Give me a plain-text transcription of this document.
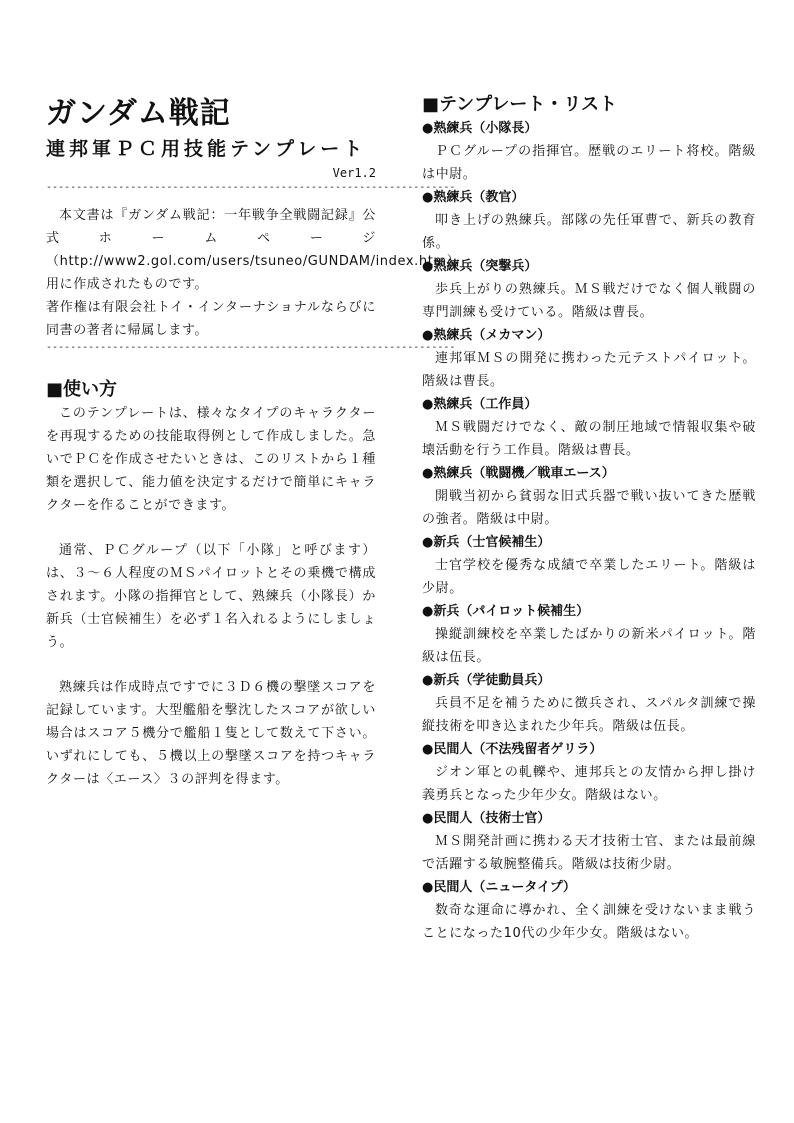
ガンダム戦記
連邦軍ＰＣ用技能テンプレート
Ver1.2
--------------------------------------------------------------------

本文書は『ガンダム戦記：一年戦争全戦闘記録』公式ホームページ（http://www2.gol.com/users/tsuneo/GUNDAM/index.htm）用に作成されたものです。

著作権は有限会社トイ・インターナショナルならびに同書の著者に帰属します。

--------------------------------------------------------------------
■使い方

このテンプレートは、様々なタイプのキャラクターを再現するための技能取得例として作成しました。急いでＰＣを作成させたいときは、このリストから１種類を選択して、能力値を決定するだけで簡単にキャラクターを作ることができます。

通常、ＰＣグループ（以下「小隊」と呼びます）は、３～６人程度のＭＳパイロットとその乗機で構成されます。小隊の指揮官として、熟練兵（小隊長）か新兵（士官候補生）を必ず１名入れるようにしましょう。

熟練兵は作成時点ですでに３Ｄ６機の撃墜スコアを記録しています。大型艦船を撃沈したスコアが欲しい場合はスコア５機分で艦船１隻として数えて下さい。いずれにしても、５機以上の撃墜スコアを持つキャラクターは〈エース〉３の評判を得ます。

■テンプレート・リスト

●熟練兵（小隊長）

ＰＣグループの指揮官。歴戦のエリート将校。階級は中尉。

●熟練兵（教官）

叩き上げの熟練兵。部隊の先任軍曹で、新兵の教育係。

●熟練兵（突撃兵）

歩兵上がりの熟練兵。ＭＳ戦だけでなく個人戦闘の専門訓練も受けている。階級は曹長。

●熟練兵（メカマン）

連邦軍ＭＳの開発に携わった元テストパイロット。階級は曹長。

●熟練兵（工作員）

ＭＳ戦闘だけでなく、敵の制圧地域で情報収集や破壊活動を行う工作員。階級は曹長。

●熟練兵（戦闘機／戦車エース）

開戦当初から貧弱な旧式兵器で戦い抜いてきた歴戦の強者。階級は中尉。

●新兵（士官候補生）

士官学校を優秀な成績で卒業したエリート。階級は少尉。

●新兵（パイロット候補生）

操縦訓練校を卒業したばかりの新米パイロット。階級は伍長。

●新兵（学徒動員兵）

兵員不足を補うために徴兵され、スパルタ訓練で操縦技術を叩き込まれた少年兵。階級は伍長。

●民間人（不法残留者ゲリラ）

ジオン軍との軋轢や、連邦兵との友情から押し掛け義勇兵となった少年少女。階級はない。

●民間人（技術士官）

ＭＳ開発計画に携わる天才技術士官、または最前線で活躍する敏腕整備兵。階級は技術少尉。

●民間人（ニュータイプ）

数奇な運命に導かれ、全く訓練を受けないまま戦うことになった10代の少年少女。階級はない。
